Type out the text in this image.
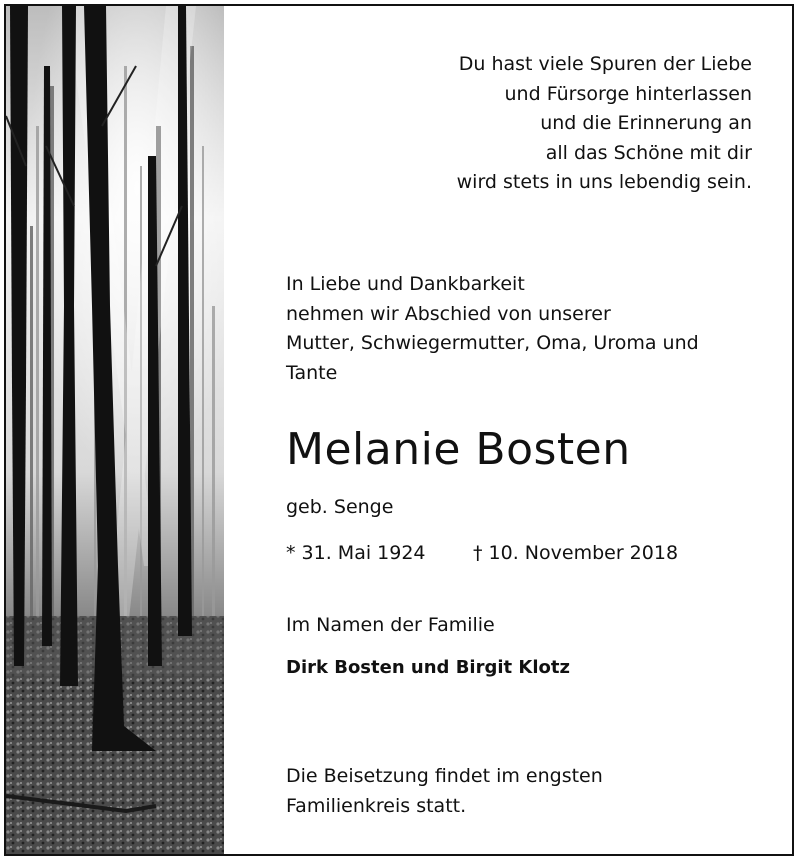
Du hast viele Spuren der Liebe
und Fürsorge hinterlassen
und die Erinnerung an
all das Schöne mit dir
wird stets in uns lebendig sein.
In Liebe und Dankbarkeit
nehmen wir Abschied von unserer
Mutter, Schwiegermutter, Oma, Uroma und
Tante
Melanie Bosten
geb. Senge
* 31. Mai 1924 † 10. November 2018
Im Namen der Familie
Dirk Bosten und Birgit Klotz
Die Beisetzung findet im engsten
Familienkreis statt.
